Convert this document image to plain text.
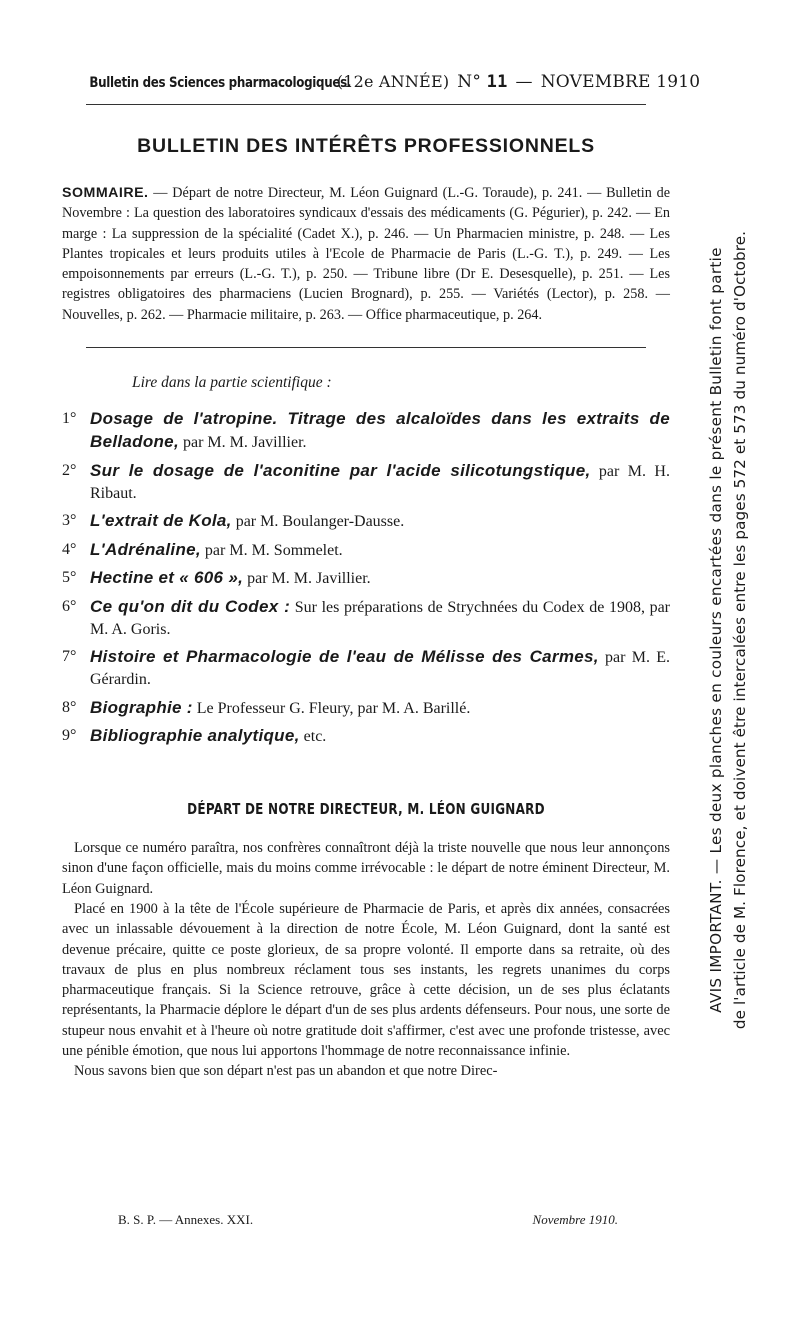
Bulletin des Sciences pharmacologiques.
(12e ANNÉE) N° 11 — NOVEMBRE 1910
BULLETIN DES INTÉRÊTS PROFESSIONNELS
SOMMAIRE. — Départ de notre Directeur, M. Léon Guignard (L.-G. Toraude), p. 241. — Bulletin de Novembre : La question des laboratoires syndicaux d'essais des médicaments (G. Pégurier), p. 242. — En marge : La suppression de la spécialité (Cadet X.), p. 246. — Un Pharmacien ministre, p. 248. — Les Plantes tropicales et leurs produits utiles à l'Ecole de Pharmacie de Paris (L.-G. T.), p. 249. — Les empoisonnements par erreurs (L.-G. T.), p. 250. — Tribune libre (Dr E. Desesquelle), p. 251. — Les registres obligatoires des pharmaciens (Lucien Brognard), p. 255. — Variétés (Lector), p. 258. — Nouvelles, p. 262. — Pharmacie militaire, p. 263. — Office pharmaceutique, p. 264.
Lire dans la partie scientifique :
1° Dosage de l'atropine. Titrage des alcaloïdes dans les extraits de Belladone, par M. M. Javillier.
2° Sur le dosage de l'aconitine par l'acide silicotungstique, par M. H. Ribaut.
3° L'extrait de Kola, par M. Boulanger-Dausse.
4° L'Adrénaline, par M. M. Sommelet.
5° Hectine et « 606 », par M. M. Javillier.
6° Ce qu'on dit du Codex : Sur les préparations de Strychnées du Codex de 1908, par M. A. Goris.
7° Histoire et Pharmacologie de l'eau de Mélisse des Carmes, par M. E. Gérardin.
8° Biographie : Le Professeur G. Fleury, par M. A. Barillé.
9° Bibliographie analytique, etc.
DÉPART DE NOTRE DIRECTEUR, M. LÉON GUIGNARD

Lorsque ce numéro paraîtra, nos confrères connaîtront déjà la triste nouvelle que nous leur annonçons sinon d'une façon officielle, mais du moins comme irrévocable : le départ de notre éminent Directeur, M. Léon Guignard.

Placé en 1900 à la tête de l'École supérieure de Pharmacie de Paris, et après dix années, consacrées avec un inlassable dévouement à la direction de notre École, M. Léon Guignard, dont la santé est devenue précaire, quitte ce poste glorieux, de sa propre volonté. Il emporte dans sa retraite, où des travaux de plus en plus nombreux réclament tous ses instants, les regrets unanimes du corps pharmaceutique français. Si la Science retrouve, grâce à cette décision, un de ses plus éclatants représentants, la Pharmacie déplore le départ d'un de ses plus ardents défenseurs. Pour nous, une sorte de stupeur nous envahit et à l'heure où notre gratitude doit s'affirmer, c'est avec une profonde tristesse, avec une pénible émotion, que nous lui apportons l'hommage de notre reconnaissance infinie.

Nous savons bien que son départ n'est pas un abandon et que notre Direc-

B. S. P. — Annexes. XXI.	Novembre 1910.
AVIS IMPORTANT. — Les deux planches en couleurs encartées dans le présent Bulletin font partie de l'article de M. Florence, et doivent être intercalées entre les pages 572 et 573 du numéro d'Octobre.
